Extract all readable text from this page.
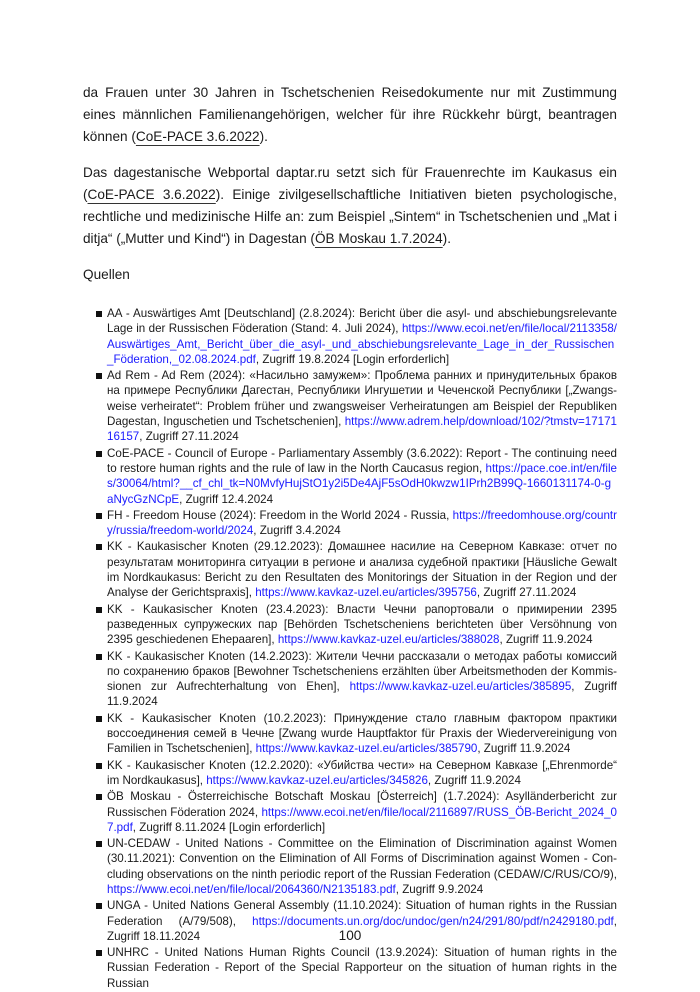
da Frauen unter 30 Jahren in Tschetschenien Reisedokumente nur mit Zustimmung eines männlichen Familienangehörigen, welcher für ihre Rückkehr bürgt, beantragen können (CoE-PACE 3.6.2022).

Das dagestanische Webportal daptar.ru setzt sich für Frauenrechte im Kaukasus ein (CoE-PACE 3.6.2022). Einige zivilgesellschaftliche Initiativen bieten psychologische, rechtliche und medizinische Hilfe an: zum Beispiel „Sintem“ in Tschetschenien und „Mat i ditja“ („Mutter und Kind“) in Dagestan (ÖB Moskau 1.7.2024).

Quellen
AA - Auswärtiges Amt [Deutschland] (2.8.2024): Bericht über die asyl- und abschiebungsrelevante Lage in der Russischen Föderation (Stand: 4. Juli 2024), https://www.ecoi.net/en/file/local/2113358/Auswärtiges_Amt,_Bericht_über_die_asyl-_und_abschiebungsrelevante_Lage_in_der_Russischen_Föderation,_02.08.2024.pdf, Zugriff 19.8.2024 [Login erforderlich]
Ad Rem - Ad Rem (2024): «Насильно замужем»: Проблема ранних и принудительных браков на примере Республики Дагестан, Республики Ингушетии и Чеченской Республики [„Zwangsweise verheiratet“: Problem früher und zwangsweiser Verheiratungen am Beispiel der Republiken Dagestan, Inguschetien und Tschetschenien], https://www.adrem.help/download/102/?tmstv=1717116157, Zugriff 27.11.2024
CoE-PACE - Council of Europe - Parliamentary Assembly (3.6.2022): Report - The continuing need to restore human rights and the rule of law in the North Caucasus region, https://pace.coe.int/en/files/30064/html?__cf_chl_tk=N0MvfyHujStO1y2i5De4AjF5sOdH0kwzw1IPrh2B99Q-1660131174-0-gaNycGzNCpE, Zugriff 12.4.2024
FH - Freedom House (2024): Freedom in the World 2024 - Russia, https://freedomhouse.org/country/russia/freedom-world/2024, Zugriff 3.4.2024
KK - Kaukasischer Knoten (29.12.2023): Домашнее насилие на Северном Кавказе: отчет по результатам мониторинга ситуации в регионе и анализа судебной практики [Häusliche Gewalt im Nordkaukasus: Bericht zu den Resultaten des Monitorings der Situation in der Region und der Analyse der Gerichtspraxis], https://www.kavkaz-uzel.eu/articles/395756, Zugriff 27.11.2024
KK - Kaukasischer Knoten (23.4.2023): Власти Чечни рапортовали о примирении 2395 разведенных супружеских пар [Behörden Tschetscheniens berichteten über Versöhnung von 2395 geschiedenen Ehepaaren], https://www.kavkaz-uzel.eu/articles/388028, Zugriff 11.9.2024
KK - Kaukasischer Knoten (14.2.2023): Жители Чечни рассказали о методах работы комиссий по сохранению браков [Bewohner Tschetscheniens erzählten über Arbeitsmethoden der Kommissionen zur Aufrechterhaltung von Ehen], https://www.kavkaz-uzel.eu/articles/385895, Zugriff 11.9.2024
KK - Kaukasischer Knoten (10.2.2023): Принуждение стало главным фактором практики воссоединения семей в Чечне [Zwang wurde Hauptfaktor für Praxis der Wiedervereinigung von Familien in Tschetschenien], https://www.kavkaz-uzel.eu/articles/385790, Zugriff 11.9.2024
KK - Kaukasischer Knoten (12.2.2020): «Убийства чести» на Северном Кавказе [„Ehrenmorde“ im Nordkaukasus], https://www.kavkaz-uzel.eu/articles/345826, Zugriff 11.9.2024
ÖB Moskau - Österreichische Botschaft Moskau [Österreich] (1.7.2024): Asylländerbericht zur Russischen Föderation 2024, https://www.ecoi.net/en/file/local/2116897/RUSS_ÖB-Bericht_2024_07.pdf, Zugriff 8.11.2024 [Login erforderlich]
UN-CEDAW - United Nations - Committee on the Elimination of Discrimination against Women (30.11.2021): Convention on the Elimination of All Forms of Discrimination against Women - Concluding observations on the ninth periodic report of the Russian Federation (CEDAW/C/RUS/CO/9), https://www.ecoi.net/en/file/local/2064360/N2135183.pdf, Zugriff 9.9.2024
UNGA - United Nations General Assembly (11.10.2024): Situation of human rights in the Russian Federation (A/79/508), https://documents.un.org/doc/undoc/gen/n24/291/80/pdf/n2429180.pdf, Zugriff 18.11.2024
UNHRC - United Nations Human Rights Council (13.9.2024): Situation of human rights in the Russian Federation - Report of the Special Rapporteur on the situation of human rights in the Russian
100
